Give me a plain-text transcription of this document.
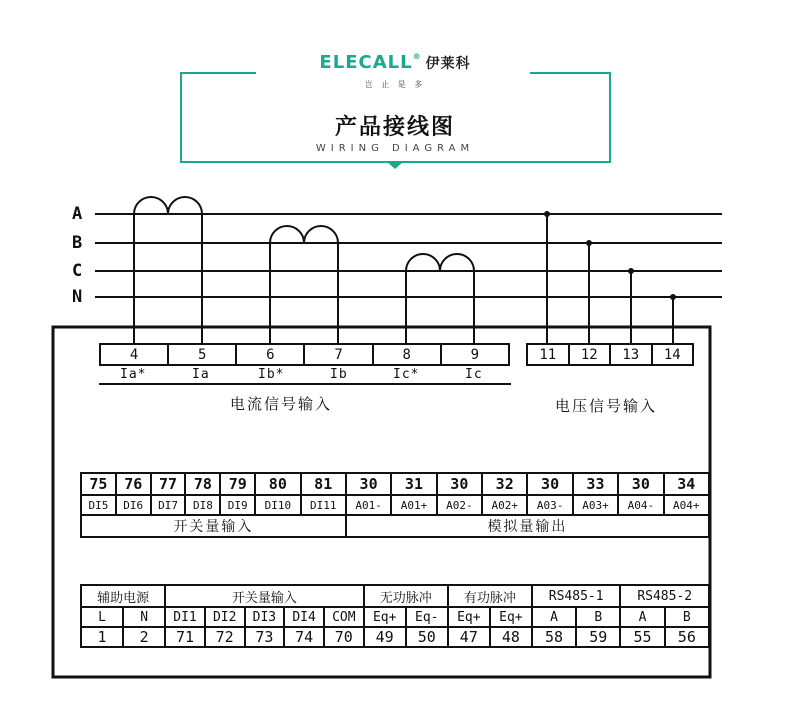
ELECALL® 伊莱科
岂 止 是 多
产品接线图
WIRING DIAGRAM
A
B
C
N
4	5	6	7	8	9
Ia*	Ia	Ib*	Ib	Ic*	Ic
电流信号输入
11	12	13	14
电压信号输入
75	76	77	78	79	80	81	30	31	30	32	30	33	30	34
DI5	DI6	DI7	DI8	DI9	DI10	DI11	A01-	A01+	A02-	A02+	A03-	A03+	A04-	A04+
开关量输入							模拟量输出							
辅助电源		开关量输入					无功脉冲		有功脉冲		RS485-1		RS485-2	
L	N	DI1	DI2	DI3	DI4	COM	Eq+	Eq-	Eq+	Eq+	A	B	A	B
1	2	71	72	73	74	70	49	50	47	48	58	59	55	56
